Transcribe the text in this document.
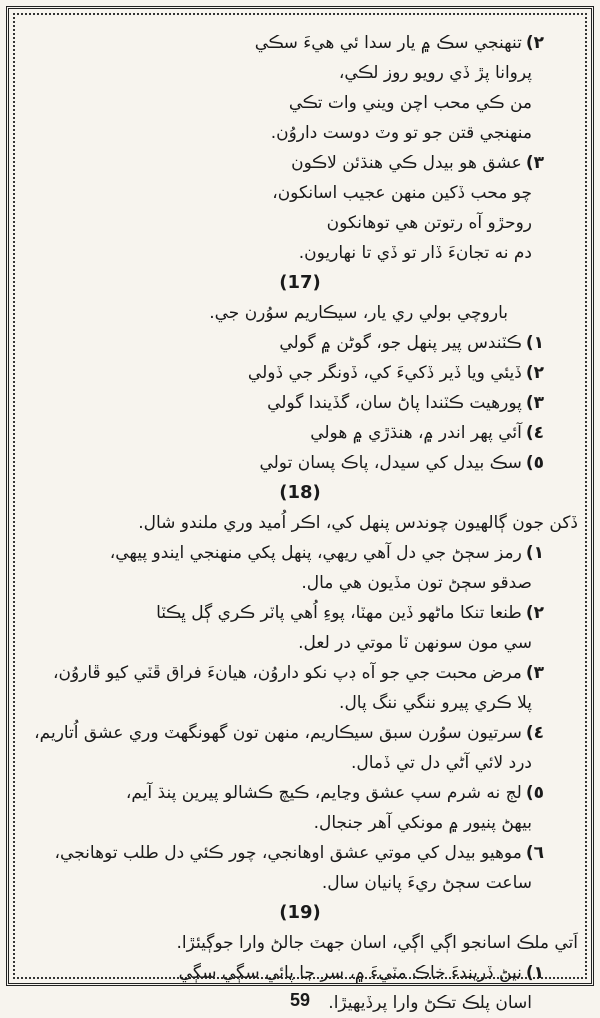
٢)تنهنجي سڪ ۾ يار سدا ئي هيءَ سڪي
پروانا پڙ ڏي رويو روز لڪي،
من ڪي محب اچن ويني وات تڪي
منهنجي قتن جو تو وٽ دوست داروُن.
٣)عشق هو بيدل ڪي هنڌئن لاڪون
چو محب ڏکين منهن عجيب اسانکون،
روحڙو آه رتوتن هي توهانکون
دم نه تجانءَ ڏار تو ڏي تا نهاريون.
(17)
باروچي بولي ري يار، سيڪاريم سوُرن جي.
١)ڪٽندس پير پنهل جو، گوڻن ۾ گولي
٢)ڏيئي ويا ڏير ڏکيءَ کي، ڏونگر جي ڏولي
٣)پورهيت ڪٽندا پاڻ سان، گڏيندا گولي
٤)آئي پهر اندر ۾، هنڌڙي ۾ هولي
٥)سڪ بيدل کي سيدل، پاڪ پسان تولي
(18)
ڏکن جون ڳالهيون چوندس پنهل کي، اڪر اُميد وري ملندو شال.
١)رمز سڄڻ جي دل آهي ريهي، پنهل پکي منهنجي ايندو پيهي،
صدقو سڄڻ تون مڏيون هي مال.
٢)طنعا تنکا ماڻهو ڏين مهٽا، پوءِ اُهي پاٽر ڪري ڳل ڀڪٽا
سي مون سونهن ٽا موتي در لعل.
٣)مرض محبت جي جو آه ڊپ نکو داروُن، هيانءَ فراق ڦٽي کيو ڦاروُن،
پلا ڪري پيرو ننگي ننگ پال.
٤)سرتيون سوُرن سبق سيڪاريم، منهن تون گهونگهٽ وري عشق اُتاريم،
درد لائي آڻي دل تي ڏمال.
٥)لڄ نه شرم سپ عشق وڃايم، ڪيچ ڪشالو پيرين پنڌ آيم،
بيهڻ پنيور ۾ مونکي آهر جنجال.
٦)موهيو بيدل کي موتي عشق اوهانجي، چور ڪئي دل طلب توهانجي،
ساعت سڄڻ ريءَ پانيان سال.
(19)
اَتي ملڪ اسانجو اڳي اڳي، اسان جهٽ جالڻ وارا جوڳيئڙا.
١)نيڻ ڏريندءَ خاڪ مٽيءَ ۾، سر جا پائي سڳي سڳي
اسان پلڪ تڪڻ وارا پرڏيهيڙا.
59
